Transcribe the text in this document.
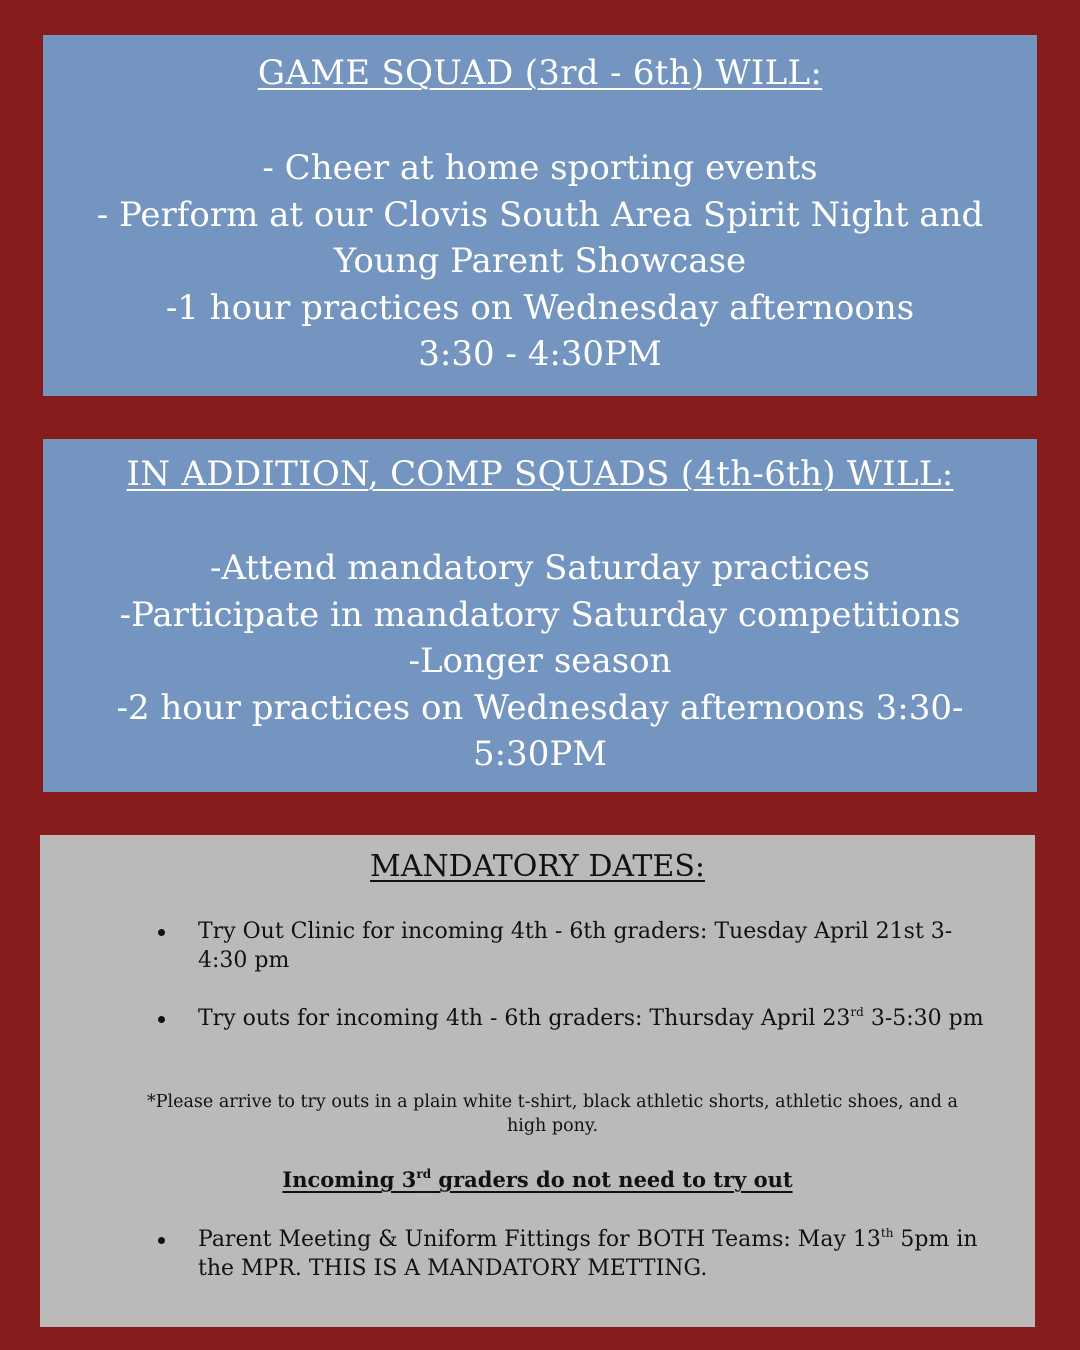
GAME SQUAD (3rd - 6th) WILL:

- Cheer at home sporting events

- Perform at our Clovis South Area Spirit Night and

Young Parent Showcase

-1 hour practices on Wednesday afternoons

3:30 - 4:30PM

IN ADDITION, COMP SQUADS (4th-6th) WILL:

-Attend mandatory Saturday practices

-Participate in mandatory Saturday competitions

-Longer season

-2 hour practices on Wednesday afternoons 3:30-

5:30PM

MANDATORY DATES:
Try Out Clinic for incoming 4th - 6th graders: Tuesday April 21st 3-
4:30 pm
Try outs for incoming 4th - 6th graders: Thursday April 23rd 3-5:30 pm
*Please arrive to try outs in a plain white t-shirt, black athletic shorts, athletic shoes, and a
high pony.
Incoming 3rd graders do not need to try out
Parent Meeting & Uniform Fittings for BOTH Teams: May 13th 5pm in
the MPR. THIS IS A MANDATORY METTING.
